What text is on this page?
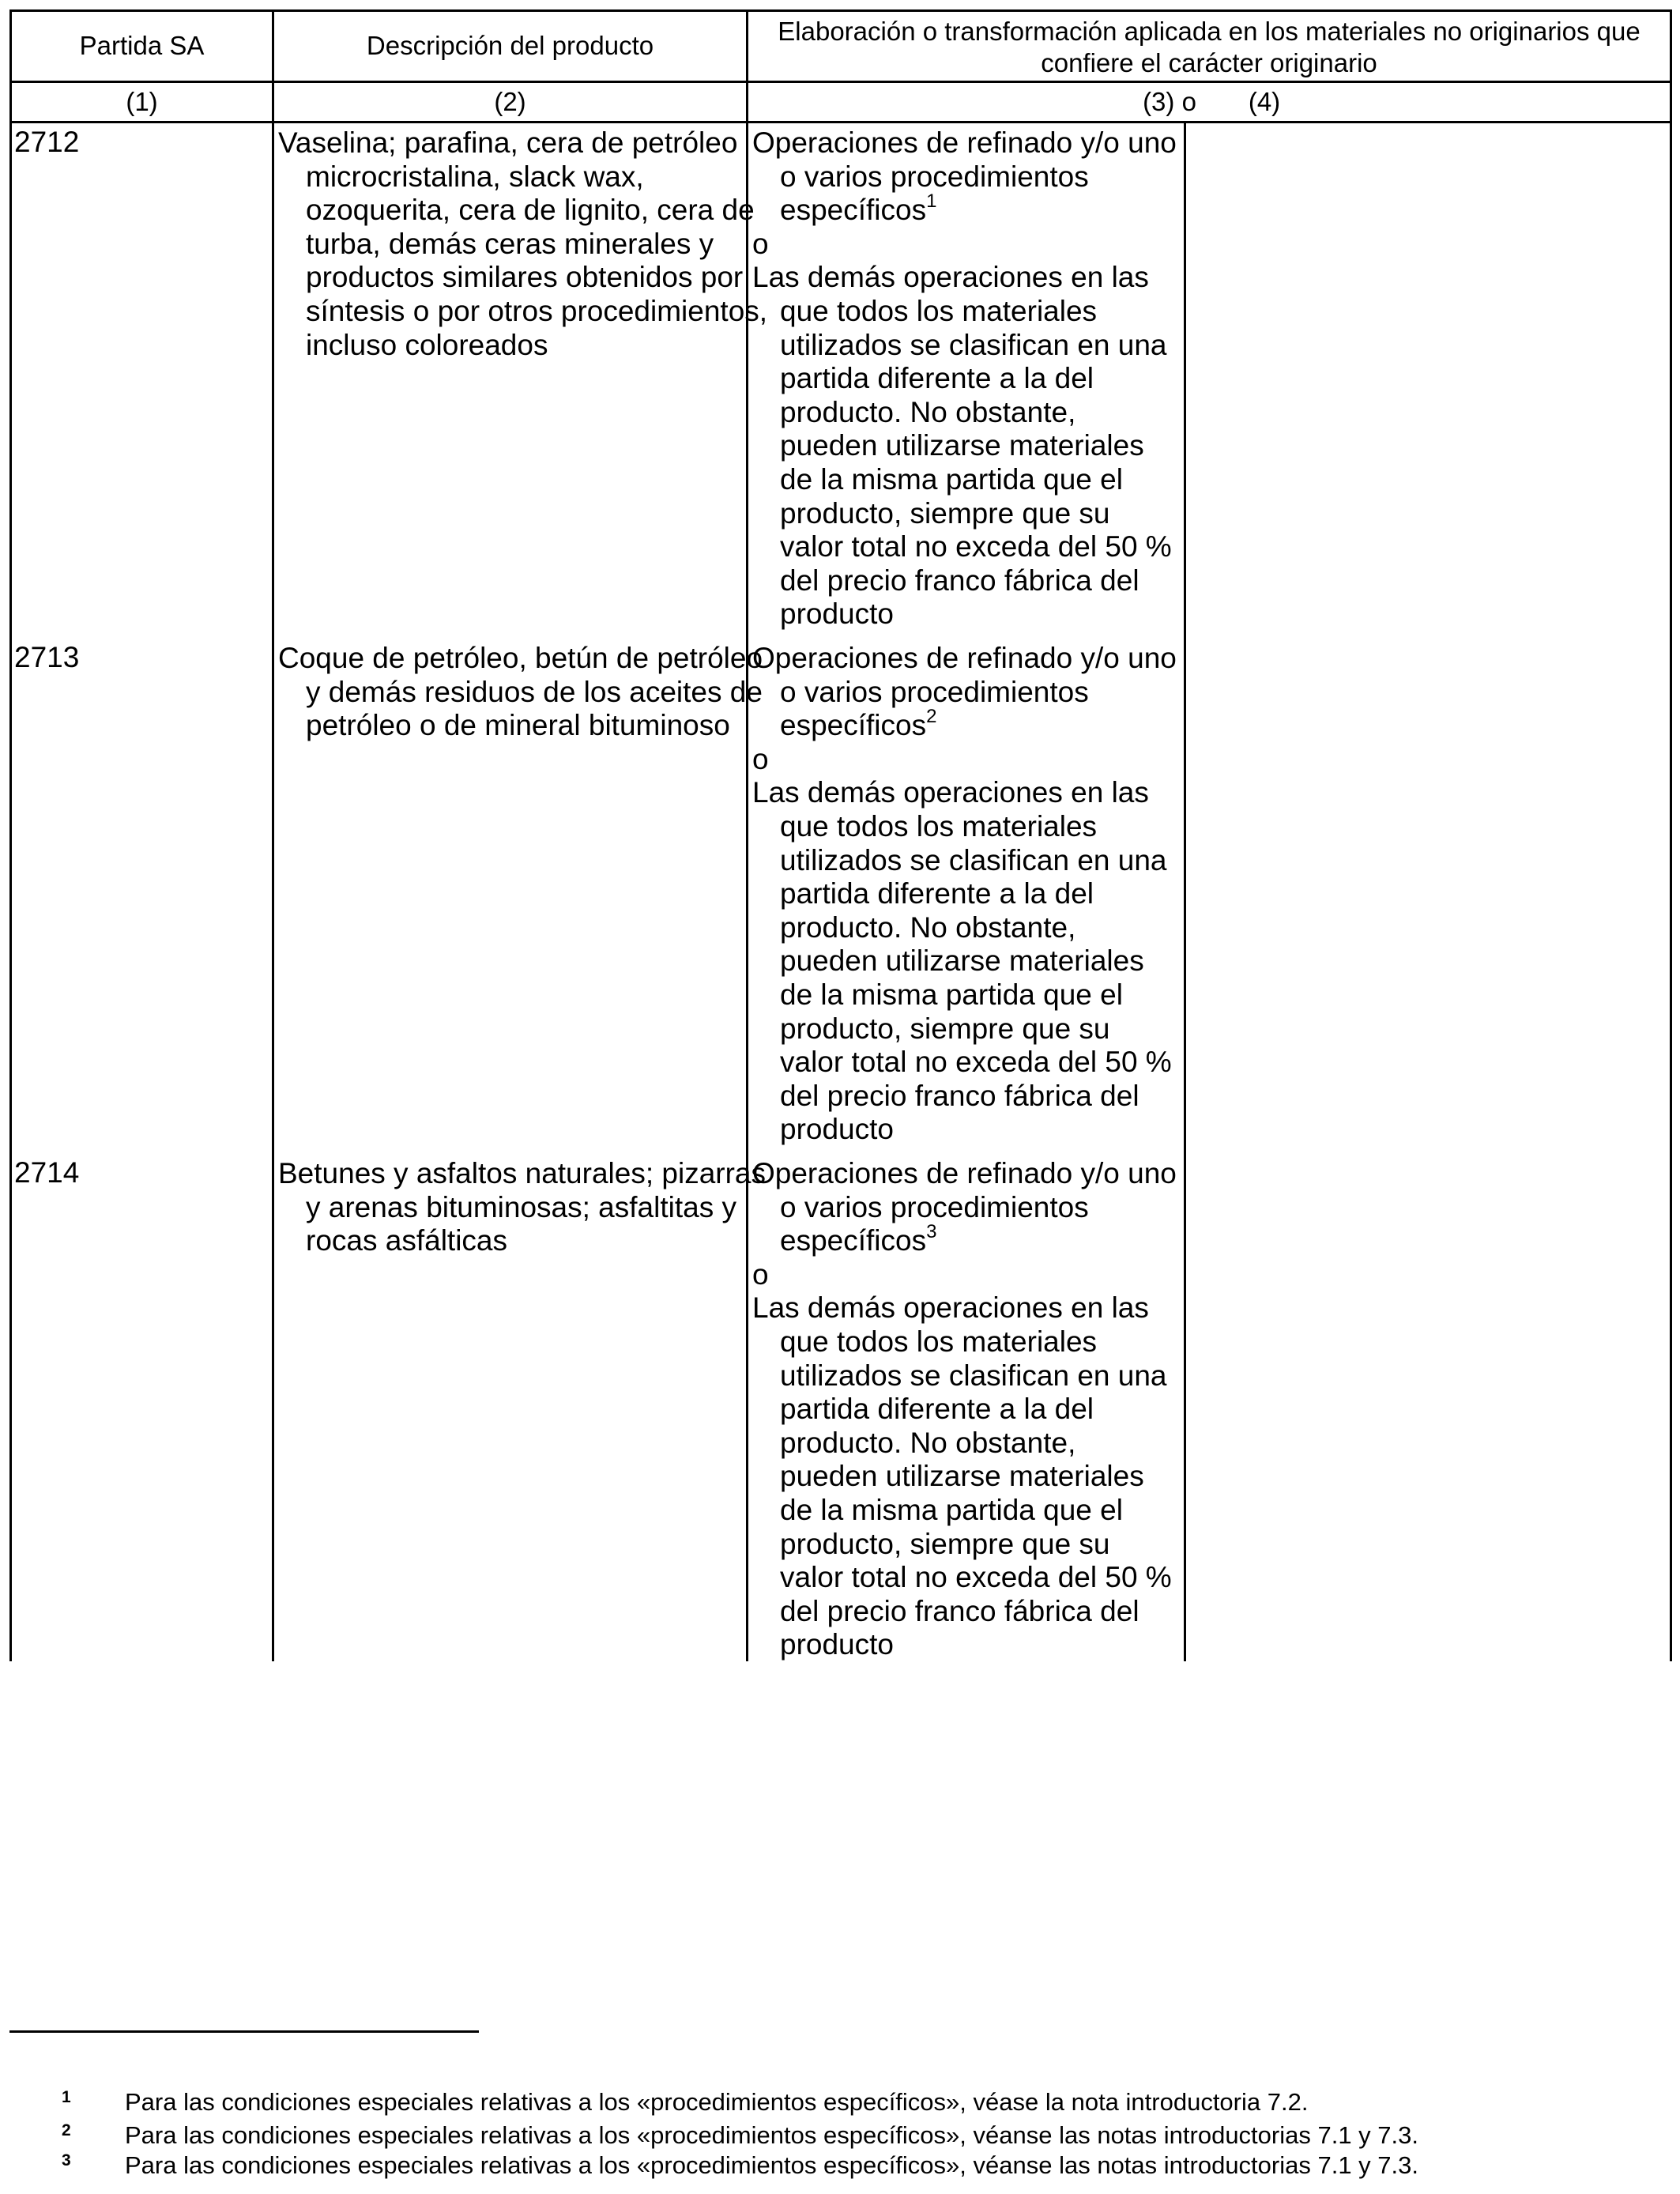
Partida SA	Descripción del producto	Elaboración o transformación aplicada en los materiales no originarios que confiere el carácter originario
(1)	(2)	(3) o	(4)
2712	Vaselina; parafina, cera de petróleo microcristalina, slack wax, ozoquerita, cera de lignito, cera de turba, demás ceras minerales y productos similares obtenidos por síntesis o por otros procedimientos, incluso coloreados
Operaciones de refinado y/o uno o varios procedimientos específicos$^1$
o
Las demás operaciones en las que todos los materiales utilizados se clasifican en una partida diferente a la del producto. No obstante, pueden utilizarse materiales de la misma partida que el producto, siempre que su valor total no exceda del 50 % del precio franco fábrica del producto
2713	Coque de petróleo, betún de petróleo y demás residuos de los aceites de petróleo o de mineral bituminoso
Operaciones de refinado y/o uno o varios procedimientos específicos$^2$
o
Las demás operaciones en las que todos los materiales utilizados se clasifican en una partida diferente a la del producto. No obstante, pueden utilizarse materiales de la misma partida que el producto, siempre que su valor total no exceda del 50 % del precio franco fábrica del producto
2714	Betunes y asfaltos naturales; pizarras y arenas bituminosas; asfaltitas y rocas asfálticas
Operaciones de refinado y/o uno o varios procedimientos específicos$^3$
o
Las demás operaciones en las que todos los materiales utilizados se clasifican en una partida diferente a la del producto. No obstante, pueden utilizarse materiales de la misma partida que el producto, siempre que su valor total no exceda del 50 % del precio franco fábrica del producto
1 Para las condiciones especiales relativas a los «procedimientos específicos», véase la nota introductoria 7.2.
2 Para las condiciones especiales relativas a los «procedimientos específicos», véanse las notas introductorias 7.1 y 7.3.
3 Para las condiciones especiales relativas a los «procedimientos específicos», véanse las notas introductorias 7.1 y 7.3.
